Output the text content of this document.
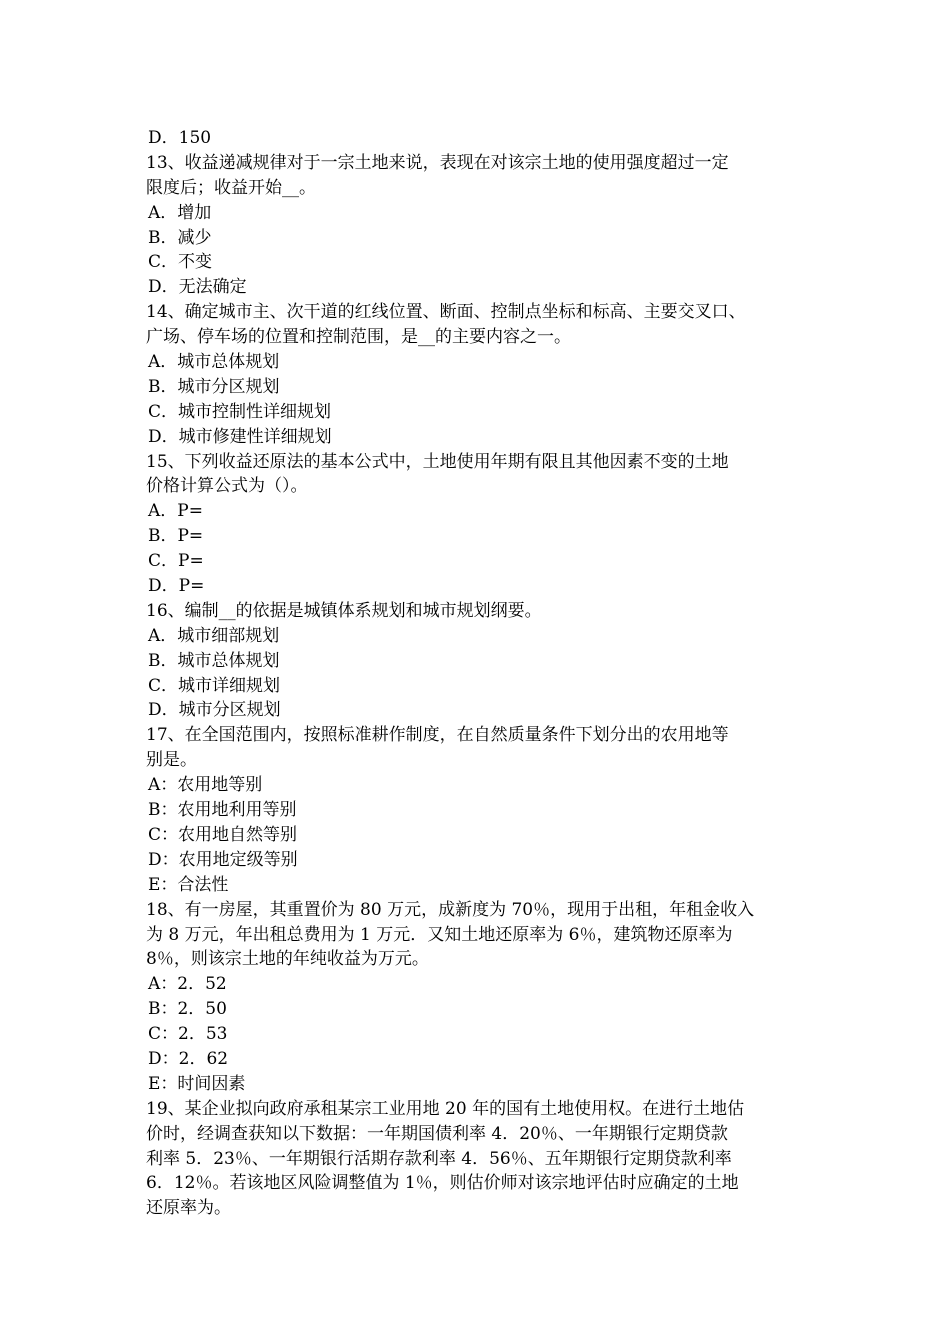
D．150
13、收益递减规律对于一宗土地来说，表现在对该宗土地的使用强度超过一定
限度后；收益开始__。
A．增加
B．减少
C．不变
D．无法确定
14、确定城市主、次干道的红线位置、断面、控制点坐标和标高、主要交叉口、
广场、停车场的位置和控制范围，是__的主要内容之一。
A．城市总体规划
B．城市分区规划
C．城市控制性详细规划
D．城市修建性详细规划
15、下列收益还原法的基本公式中，土地使用年期有限且其他因素不变的土地
价格计算公式为（）。
A．P=
B．P=
C．P=
D．P=
16、编制__的依据是城镇体系规划和城市规划纲要。
A．城市细部规划
B．城市总体规划
C．城市详细规划
D．城市分区规划
17、在全国范围内，按照标准耕作制度，在自然质量条件下划分出的农用地等
别是。
A：农用地等别
B：农用地利用等别
C：农用地自然等别
D：农用地定级等别
E：合法性
18、有一房屋，其重置价为 80 万元，成新度为 70％，现用于出租，年租金收入
为 8 万元，年出租总费用为 1 万元．又知土地还原率为 6％，建筑物还原率为
8％，则该宗土地的年纯收益为万元。
A：2．52
B：2．50
C：2．53
D：2．62
E：时间因素
19、某企业拟向政府承租某宗工业用地 20 年的国有土地使用权。在进行土地估
价时，经调查获知以下数据：一年期国债利率 4．20％、一年期银行定期贷款
利率 5．23％、一年期银行活期存款利率 4．56％、五年期银行定期贷款利率
6．12％。若该地区风险调整值为 1％，则估价师对该宗地评估时应确定的土地
还原率为。
